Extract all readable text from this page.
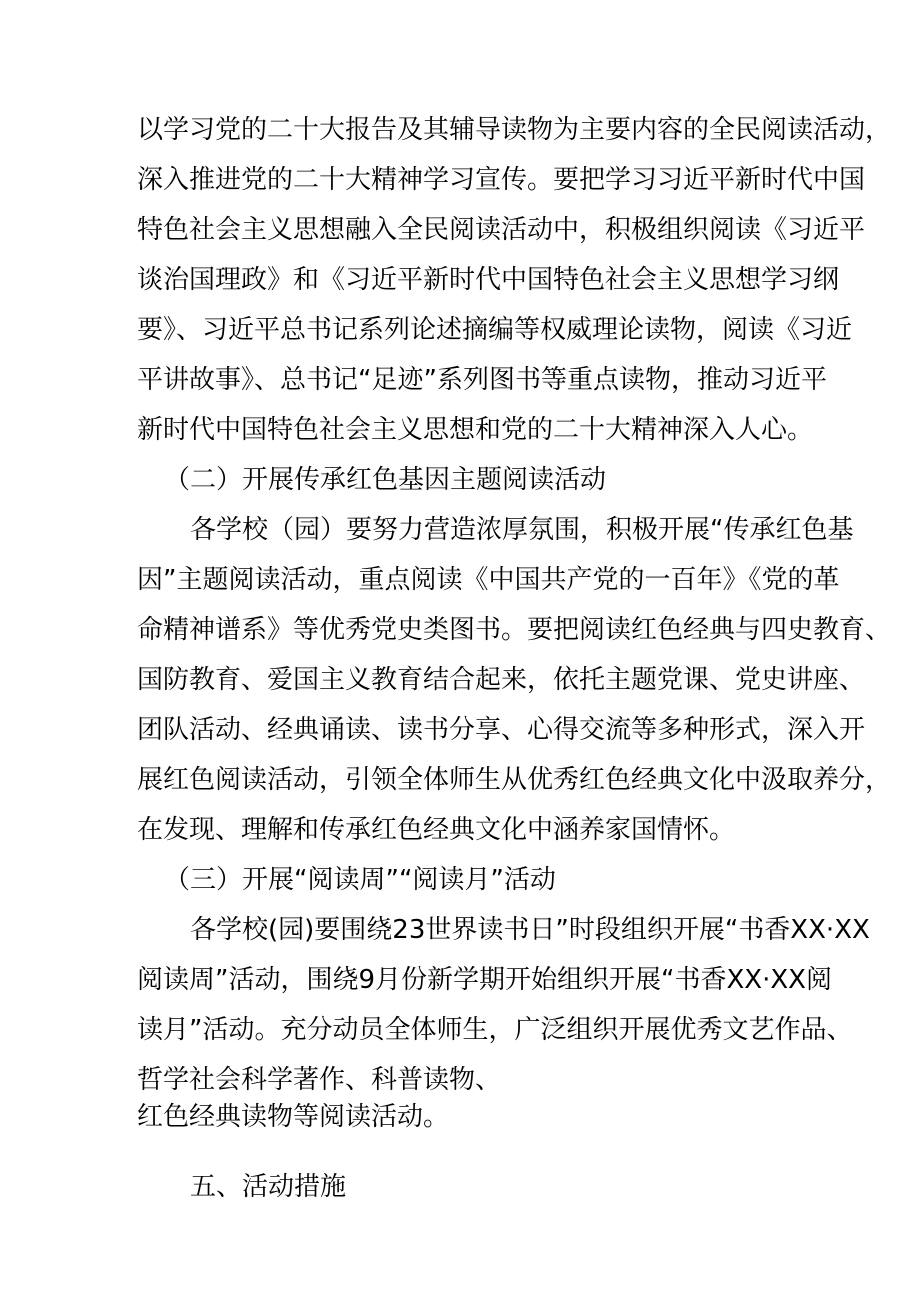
以学习党的二十大报告及其辅导读物为主要内容的全民阅读活动，
深入推进党的二十大精神学习宣传。要把学习习近平新时代中国
特色社会主义思想融入全民阅读活动中，积极组织阅读《习近平
谈治国理政》和《习近平新时代中国特色社会主义思想学习纲
要》、习近平总书记系列论述摘编等权威理论读物，阅读《习近
平讲故事》、总书记“足迹”系列图书等重点读物，推动习近平
新时代中国特色社会主义思想和党的二十大精神深入人心。
（二）开展传承红色基因主题阅读活动
各学校（园）要努力营造浓厚氛围，积极开展“传承红色基
因”主题阅读活动，重点阅读《中国共产党的一百年》《党的革
命精神谱系》等优秀党史类图书。要把阅读红色经典与四史教育、
国防教育、爱国主义教育结合起来，依托主题党课、党史讲座、
团队活动、经典诵读、读书分享、心得交流等多种形式，深入开
展红色阅读活动，引领全体师生从优秀红色经典文化中汲取养分，
在发现、理解和传承红色经典文化中涵养家国情怀。
（三）开展“阅读周”“阅读月”活动
各学校(园)要围绕23世界读书日”时段组织开展“书香XX·XX
阅读周”活动，围绕9月份新学期开始组织开展“书香XX·XX阅
读月”活动。充分动员全体师生，广泛组织开展优秀文艺作品、
哲学社会科学著作、科普读物、
红色经典读物等阅读活动。
五、活动措施
